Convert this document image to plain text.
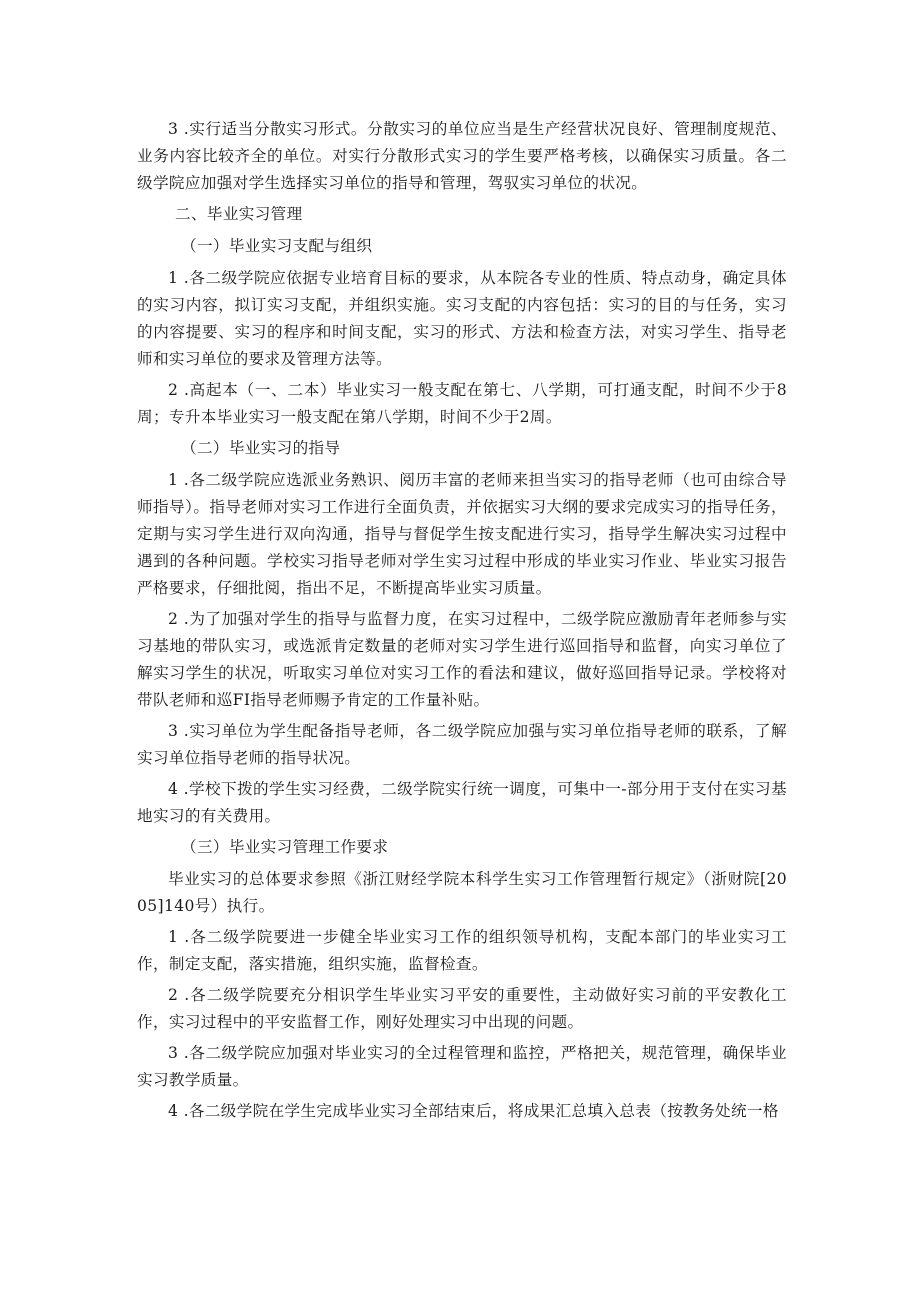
3 .实行适当分散实习形式。分散实习的单位应当是生产经营状况良好、管理制度规范、业务内容比较齐全的单位。对实行分散形式实习的学生要严格考核，以确保实习质量。各二级学院应加强对学生选择实习单位的指导和管理，驾驭实习单位的状况。

二、毕业实习管理

（一）毕业实习支配与组织

1 .各二级学院应依据专业培育目标的要求，从本院各专业的性质、特点动身，确定具体的实习内容，拟订实习支配，并组织实施。实习支配的内容包括：实习的目的与任务，实习的内容提要、实习的程序和时间支配，实习的形式、方法和检查方法，对实习学生、指导老师和实习单位的要求及管理方法等。

2 .高起本（一、二本）毕业实习一般支配在第七、八学期，可打通支配，时间不少于8周；专升本毕业实习一般支配在第八学期，时间不少于2周。

（二）毕业实习的指导

1 .各二级学院应选派业务熟识、阅历丰富的老师来担当实习的指导老师（也可由综合导师指导）。指导老师对实习工作进行全面负责，并依据实习大纲的要求完成实习的指导任务，定期与实习学生进行双向沟通，指导与督促学生按支配进行实习，指导学生解决实习过程中遇到的各种问题。学校实习指导老师对学生实习过程中形成的毕业实习作业、毕业实习报告严格要求，仔细批阅，指出不足，不断提高毕业实习质量。

2 .为了加强对学生的指导与监督力度，在实习过程中，二级学院应激励青年老师参与实习基地的带队实习，或选派肯定数量的老师对实习学生进行巡回指导和监督，向实习单位了解实习学生的状况，听取实习单位对实习工作的看法和建议，做好巡回指导记录。学校将对带队老师和巡FI指导老师赐予肯定的工作量补贴。

3 .实习单位为学生配备指导老师，各二级学院应加强与实习单位指导老师的联系，了解实习单位指导老师的指导状况。

4 .学校下拨的学生实习经费，二级学院实行统一调度，可集中一-部分用于支付在实习基地实习的有关费用。

（三）毕业实习管理工作要求

毕业实习的总体要求参照《浙江财经学院本科学生实习工作管理暂行规定》（浙财院[2005]140号）执行。

1 .各二级学院要进一步健全毕业实习工作的组织领导机构，支配本部门的毕业实习工作，制定支配，落实措施，组织实施，监督检查。

2 .各二级学院要充分相识学生毕业实习平安的重要性，主动做好实习前的平安教化工作，实习过程中的平安监督工作，刚好处理实习中出现的问题。

3 .各二级学院应加强对毕业实习的全过程管理和监控，严格把关，规范管理，确保毕业实习教学质量。

4 .各二级学院在学生完成毕业实习全部结束后，将成果汇总填入总表（按教务处统一格
